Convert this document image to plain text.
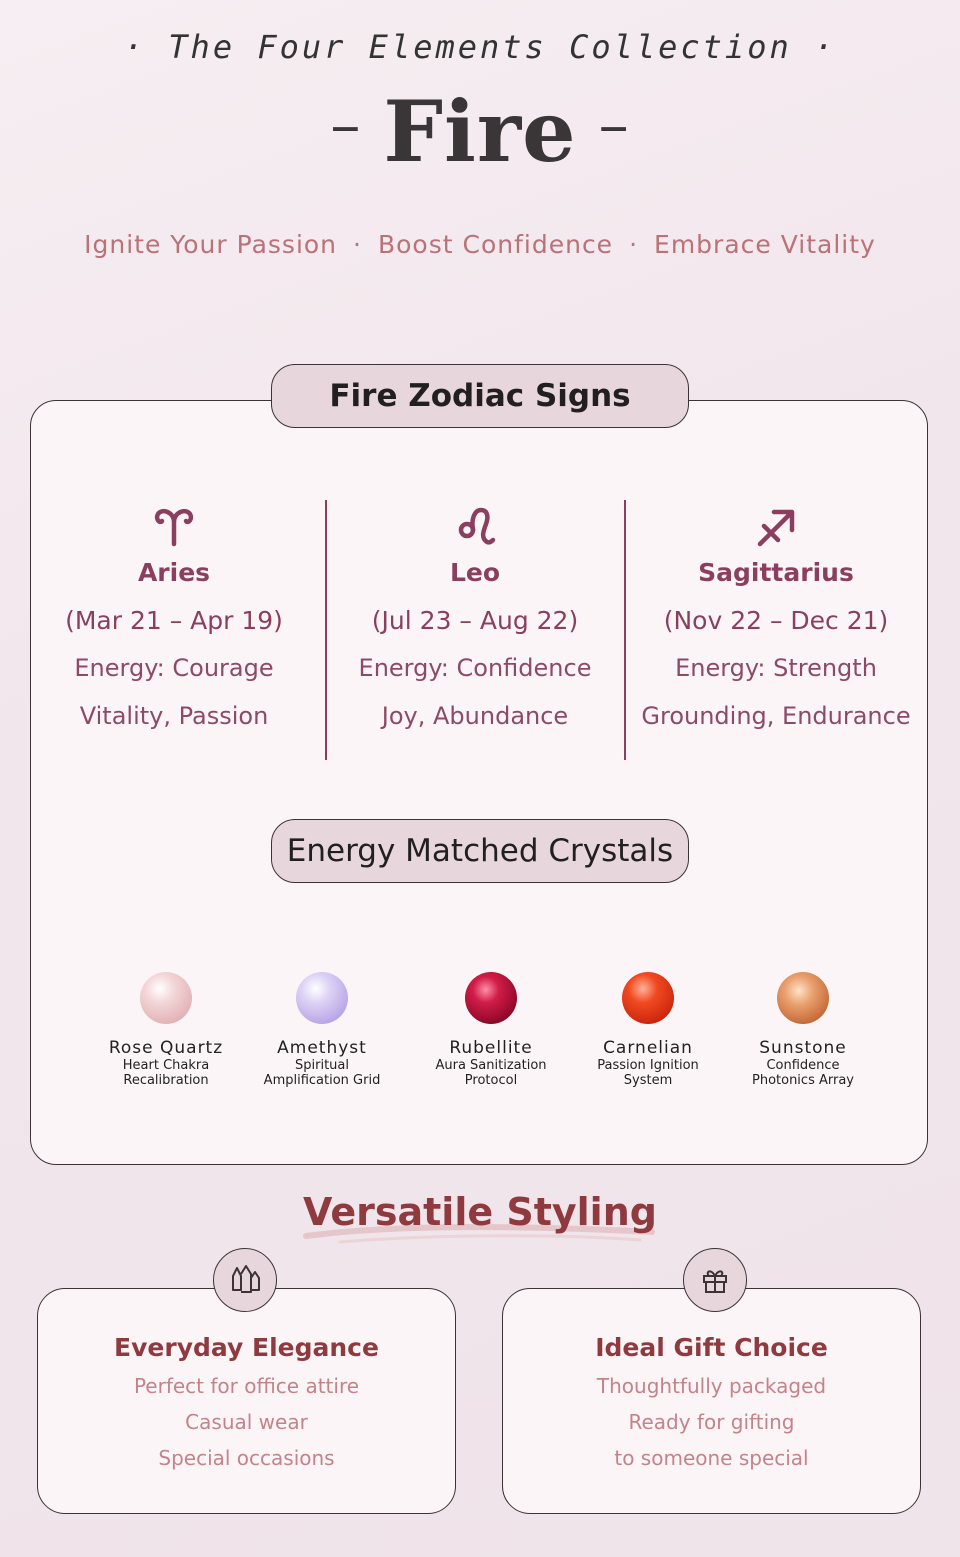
· The Four Elements Collection ·
– Fire –
Ignite Your Passion · Boost Confidence · Embrace Vitality
Fire Zodiac Signs
Aries
(Mar 21 – Apr 19)
Energy: Courage
Vitality, Passion
Leo
(Jul 23 – Aug 22)
Energy: Confidence
Joy, Abundance
Sagittarius
(Nov 22 – Dec 21)
Energy: Strength
Grounding, Endurance
Energy Matched Crystals
Rose Quartz
Heart Chakra
Recalibration
Amethyst
Spiritual
Amplification Grid
Rubellite
Aura Sanitization
Protocol
Carnelian
Passion Ignition
System
Sunstone
Confidence
Photonics Array
Versatile Styling
Everyday Elegance
Perfect for office attire
Casual wear
Special occasions
Ideal Gift Choice
Thoughtfully packaged
Ready for gifting
to someone special
